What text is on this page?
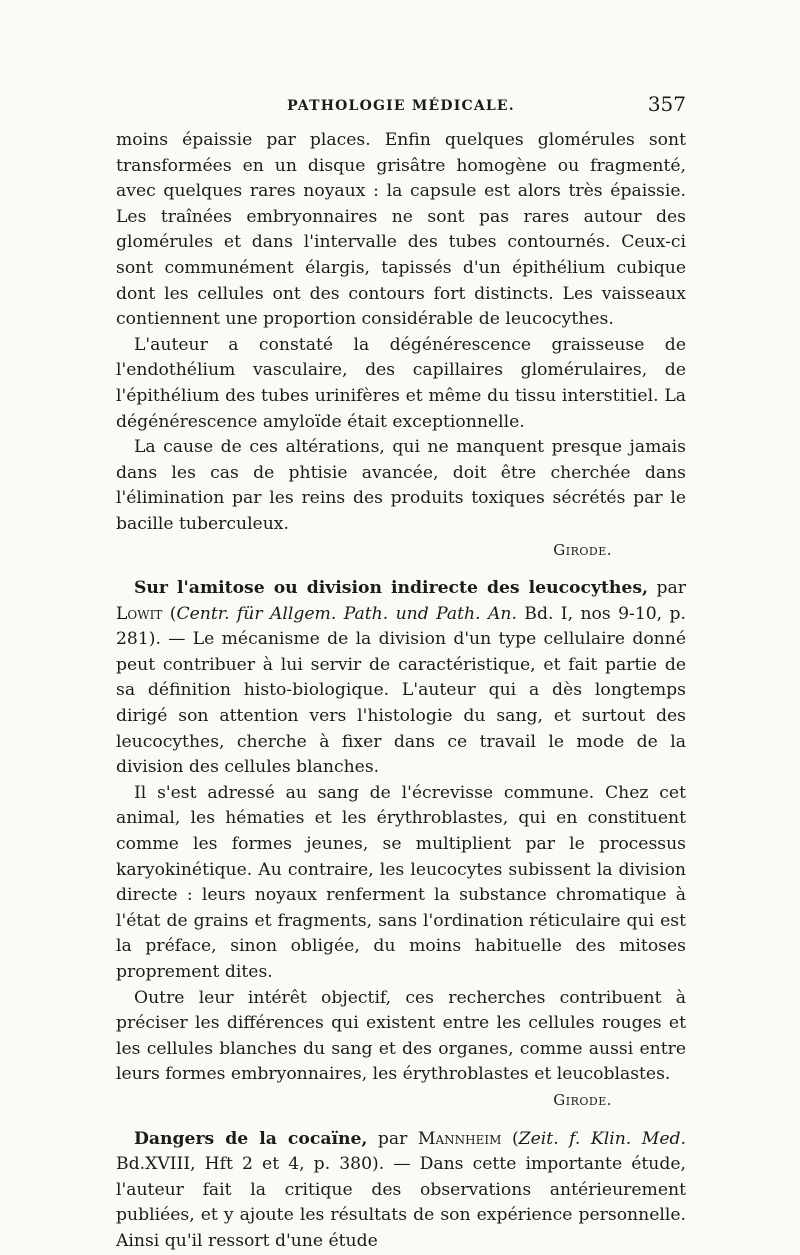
PATHOLOGIE MÉDICALE.	357

moins épaissie par places. Enfin quelques glomérules sont transformées en un disque grisâtre homogène ou fragmenté, avec quelques rares noyaux : la capsule est alors très épaissie. Les traînées embryonnaires ne sont pas rares autour des glomérules et dans l'intervalle des tubes contournés. Ceux-ci sont communément élargis, tapissés d'un épithélium cubique dont les cellules ont des contours fort distincts. Les vaisseaux contiennent une proportion considérable de leucocythes.

L'auteur a constaté la dégénérescence graisseuse de l'endothélium vasculaire, des capillaires glomérulaires, de l'épithélium des tubes urinifères et même du tissu interstitiel. La dégénérescence amyloïde était exceptionnelle.

La cause de ces altérations, qui ne manquent presque jamais dans les cas de phtisie avancée, doit être cherchée dans l'élimination par les reins des produits toxiques sécrétés par le bacille tuberculeux.

Girode.

Sur l'amitose ou division indirecte des leucocythes, par Lowit (Centr. für Allgem. Path. und Path. An. Bd. I, nos 9-10, p. 281). — Le mécanisme de la division d'un type cellulaire donné peut contribuer à lui servir de caractéristique, et fait partie de sa définition histo-biologique. L'auteur qui a dès longtemps dirigé son attention vers l'histologie du sang, et surtout des leucocythes, cherche à fixer dans ce travail le mode de la division des cellules blanches.

Il s'est adressé au sang de l'écrevisse commune. Chez cet animal, les hématies et les érythroblastes, qui en constituent comme les formes jeunes, se multiplient par le processus karyokinétique. Au contraire, les leucocytes subissent la division directe : leurs noyaux renferment la substance chromatique à l'état de grains et fragments, sans l'ordination réticulaire qui est la préface, sinon obligée, du moins habituelle des mitoses proprement dites.

Outre leur intérêt objectif, ces recherches contribuent à préciser les différences qui existent entre les cellules rouges et les cellules blanches du sang et des organes, comme aussi entre leurs formes embryonnaires, les érythroblastes et leucoblastes.

Girode.

Dangers de la cocaïne, par Mannheim (Zeit. f. Klin. Med. Bd.XVIII, Hft 2 et 4, p. 380). — Dans cette importante étude, l'auteur fait la critique des observations antérieurement publiées, et y ajoute les résultats de son expérience personnelle. Ainsi qu'il ressort d'une étude
